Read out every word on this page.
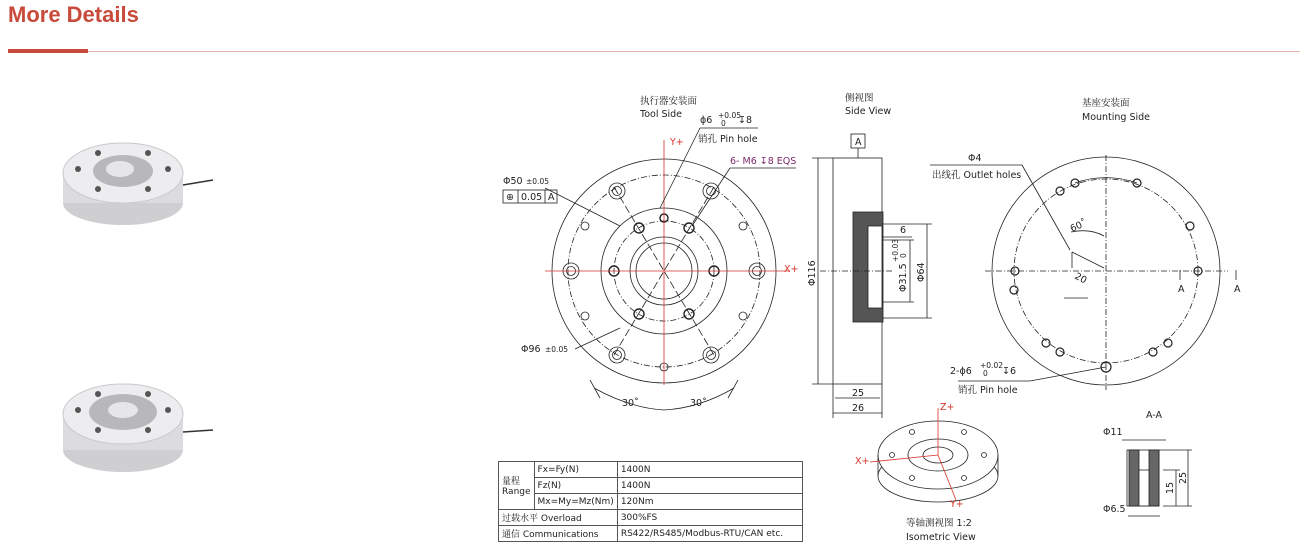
More Details
执行器安装面
Tool Side
ϕ6 +0.05
0 ↧8
销孔 Pin hole
6- M6 ↧8 EQS
Φ50 ±0.05
⊕ 0.05 A
Y+
X+
Φ96 ±0.05
30˚	30˚
侧视图
Side View
A
Φ116
6
Φ31.5
+0.03 0
Φ64
25
26
基座安装面
Mounting Side
Φ4
出线孔 Outlet holes
60˚
20
A	A
2-ϕ6
+0.02
0 ↧6
销孔 Pin hole
Z+
X+
Y+
等轴测视图 1:2
Isometric View
A-A
Φ11
15
25
Φ6.5
量程
Range	Fx=Fy(N)	1400N
	Fz(N)	1400N
	Mx=My=Mz(Nm)	120Nm
过载水平 Overload		300%FS
通信 Communications		RS422/RS485/Modbus-RTU/CAN etc.
